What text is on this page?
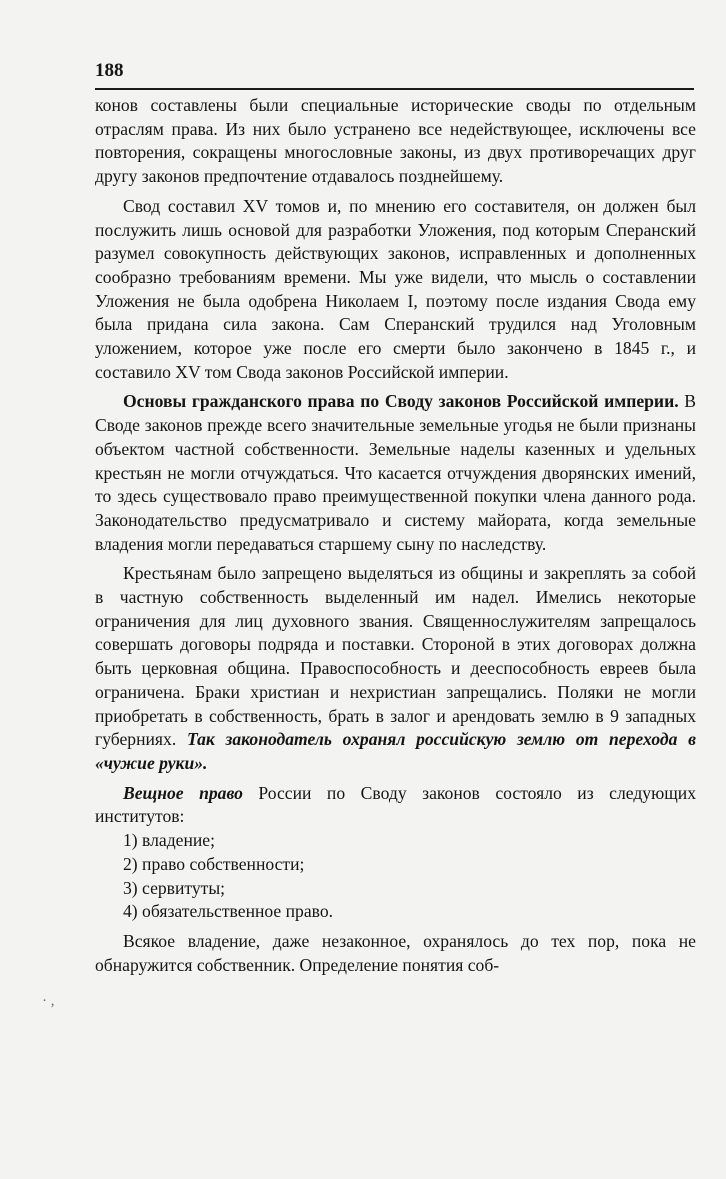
188

конов составлены были специальные исторические своды по отдельным отраслям права. Из них было устранено все недействующее, исключены все повторения, сокращены многословные законы, из двух противоречащих друг другу законов предпочтение отдавалось позднейшему.

Свод составил XV томов и, по мнению его составителя, он должен был послужить лишь основой для разработки Уложения, под которым Сперанский разумел совокупность действующих законов, исправленных и дополненных сообразно требованиям времени. Мы уже видели, что мысль о составлении Уложения не была одобрена Николаем I, поэтому после издания Свода ему была придана сила закона. Сам Сперанский трудился над Уголовным уложением, которое уже после его смерти было закончено в 1845 г., и составило XV том Свода законов Российской империи.

Основы гражданского права по Своду законов Российской империи. В Своде законов прежде всего значительные земельные угодья не были признаны объектом частной собственности. Земельные наделы казенных и удельных крестьян не могли отчуждаться. Что касается отчуждения дворянских имений, то здесь существовало право преимущественной покупки члена данного рода. Законодательство предусматривало и систему майората, когда земельные владения могли передаваться старшему сыну по наследству.

Крестьянам было запрещено выделяться из общины и закреплять за собой в частную собственность выделенный им надел. Имелись некоторые ограничения для лиц духовного звания. Священнослужителям запрещалось совершать договоры подряда и поставки. Стороной в этих договорах должна быть церковная община. Правоспособность и дееспособность евреев была ограничена. Браки христиан и нехристиан запрещались. Поляки не могли приобретать в собственность, брать в залог и арендовать землю в 9 западных губерниях. Так законодатель охранял российскую землю от перехода в «чужие руки».

Вещное право России по Своду законов состояло из следующих институтов:

1) владение;

2) право собственности;

3) сервитуты;

4) обязательственное право.

Всякое владение, даже незаконное, охранялось до тех пор, пока не обнаружится собственник. Определение понятия соб-

· ,
